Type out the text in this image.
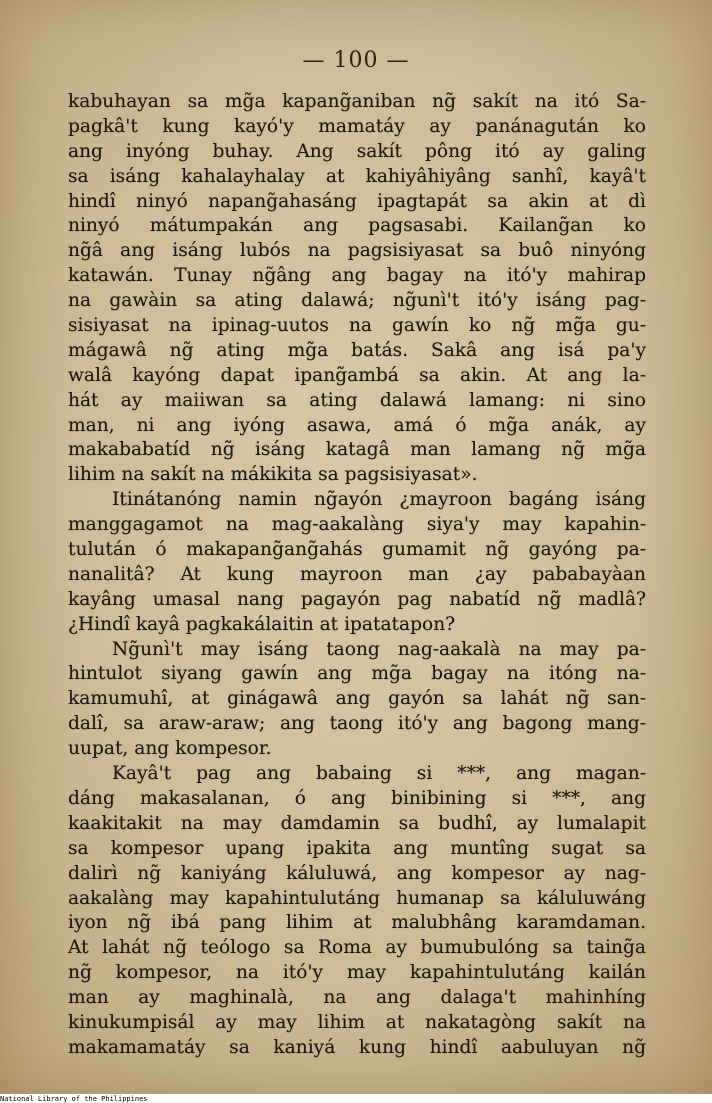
— 100 —
kabuhayan sa mg̃a kapang̃aniban ng̃ sakít na itó Sa-
pagkâ't kung kayó'y mamatáy ay panánagután ko
ang inyóng buhay. Ang sakít pông itó ay galing
sa isáng kahalayhalay at kahiyâhiyâng sanhî, kayâ't
hindî ninyó napang̃ahasáng ipagtapát sa akin at dì
ninyó mátumpakán ang pagsasabi. Kailang̃an ko
ng̃â ang isáng lubós na pagsisiyasat sa buô ninyóng
katawán. Tunay ng̃âng ang bagay na itó'y mahirap
na gawàin sa ating dalawá; ng̃unì't itó'y isáng pag-
sisiyasat na ipinag-uutos na gawín ko ng̃ mg̃a gu-
mágawâ ng̃ ating mg̃a batás. Sakâ ang isá pa'y
walâ kayóng dapat ipang̃ambá sa akin. At ang la-
hát ay maiiwan sa ating dalawá lamang: ni sino
man, ni ang iyóng asawa, amá ó mg̃a anák, ay
makababatíd ng̃ isáng katagâ man lamang ng̃ mg̃a
lihim na sakít na mákikita sa pagsisiyasat».
Itinátanóng namin ng̃ayón ¿mayroon bagáng isáng
manggagamot na mag-aakalàng siya'y may kapahin-
tulután ó makapang̃ang̃ahás gumamit ng̃ gayóng pa-
nanalitâ? At kung mayroon man ¿ay pababayàan
kayâng umasal nang pagayón pag nabatíd ng̃ madlâ?
¿Hindî kayâ pagkakálaitin at ipatatapon?
Ng̃unì't may isáng taong nag-aakalà na may pa-
hintulot siyang gawín ang mg̃a bagay na itóng na-
kamumuhî, at ginágawâ ang gayón sa lahát ng̃ san-
dalî, sa araw-araw; ang taong itó'y ang bagong mang-
uupat, ang kompesor.
Kayâ't pag ang babaing si ***, ang magan-
dáng makasalanan, ó ang binibining si ***, ang
kaakitakit na may damdamin sa budhî, ay lumalapit
sa kompesor upang ipakita ang muntîng sugat sa
dalirì ng̃ kaniyáng káluluwá, ang kompesor ay nag-
aakalàng may kapahintulutáng humanap sa káluluwáng
iyon ng̃ ibá pang lihim at malubhâng karamdaman.
At lahát ng̃ teólogo sa Roma ay bumubulóng sa taing̃a
ng̃ kompesor, na itó'y may kapahintulutáng kailán
man ay maghinalà, na ang dalaga't mahinhíng
kinukumpisál ay may lihim at nakatagòng sakít na
makamamatáy sa kaniyá kung hindî aabuluyan ng̃
National Library of the Philippines
